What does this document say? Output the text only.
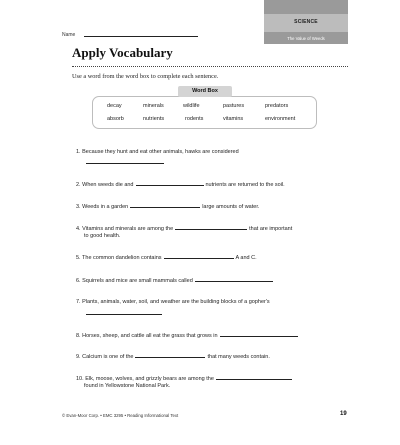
Name
SCIENCE
The Value of Weeds
Apply Vocabulary
Use a word from the word box to complete each sentence.
decay	minerals	wildlife	pastures	predators
absorb	nutrients	rodents	vitamins	environment
Word Box
1. Because they hunt and eat other animals, hawks are considered
2. When weeds die and	nutrients are returned to the soil.
3. Weeds in a garden	large amounts of water.
4. Vitamins and minerals are among the	that are important
to good health.
5. The common dandelion contains	A and C.
6. Squirrels and mice are small mammals called
7. Plants, animals, water, soil, and weather are the building blocks of a gopher's
8. Horses, sheep, and cattle all eat the grass that grows in
9. Calcium is one of the	that many weeds contain.
10. Elk, moose, wolves, and grizzly bears are among the
found in Yellowstone National Park.
© Evan-Moor Corp. • EMC 3295 • Reading Informational Text	19
